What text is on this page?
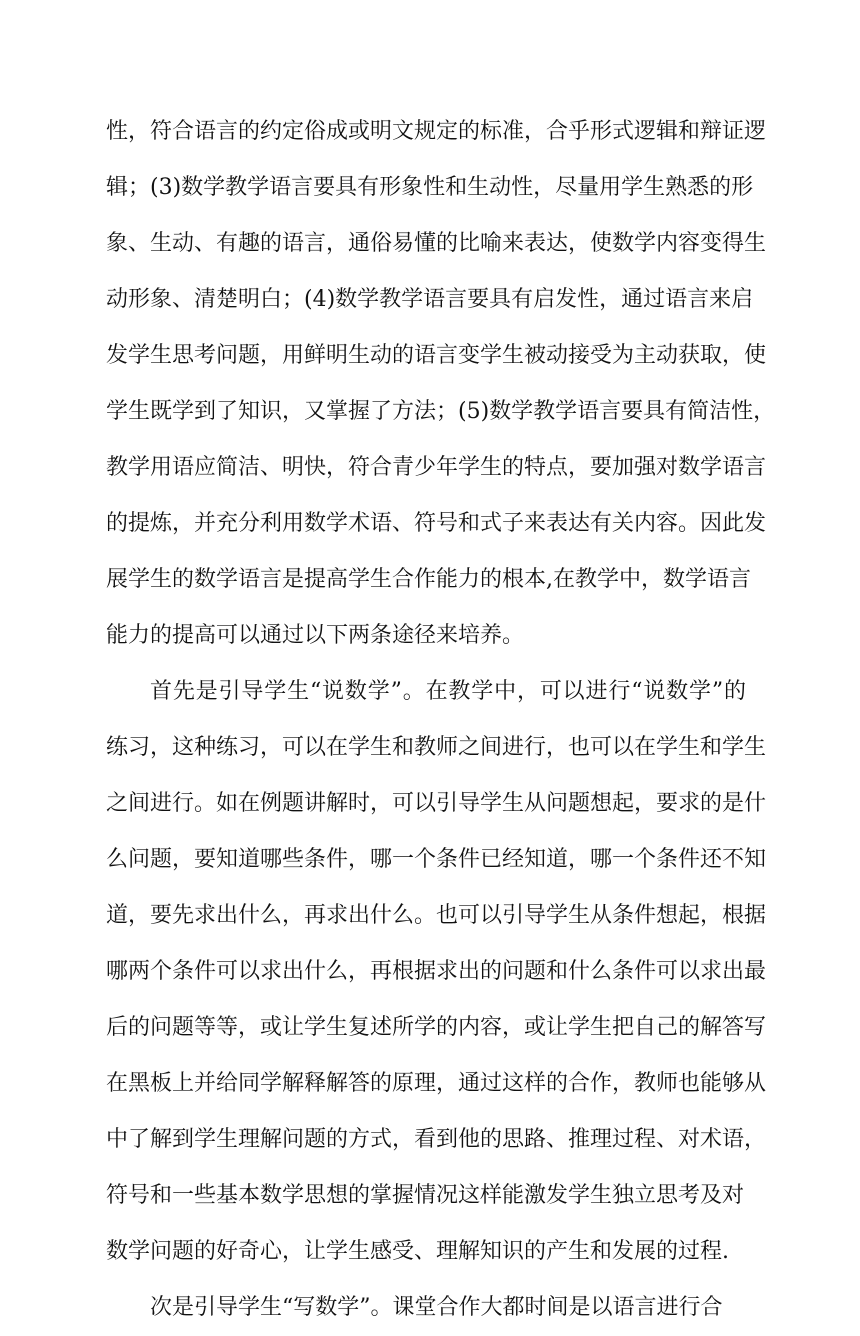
性，符合语言的约定俗成或明文规定的标准，合乎形式逻辑和辩证逻
辑；(3)数学教学语言要具有形象性和生动性，尽量用学生熟悉的形
象、生动、有趣的语言，通俗易懂的比喻来表达，使数学内容变得生
动形象、清楚明白；(4)数学教学语言要具有启发性，通过语言来启
发学生思考问题，用鲜明生动的语言变学生被动接受为主动获取，使
学生既学到了知识，又掌握了方法；(5)数学教学语言要具有简洁性，
教学用语应简洁、明快，符合青少年学生的特点，要加强对数学语言
的提炼，并充分利用数学术语、符号和式子来表达有关内容。因此发
展学生的数学语言是提高学生合作能力的根本,在教学中，数学语言
能力的提高可以通过以下两条途径来培养。
首先是引导学生“说数学”。在教学中，可以进行“说数学”的
练习，这种练习，可以在学生和教师之间进行，也可以在学生和学生
之间进行。如在例题讲解时，可以引导学生从问题想起，要求的是什
么问题，要知道哪些条件，哪一个条件已经知道，哪一个条件还不知
道，要先求出什么，再求出什么。也可以引导学生从条件想起，根据
哪两个条件可以求出什么，再根据求出的问题和什么条件可以求出最
后的问题等等，或让学生复述所学的内容，或让学生把自己的解答写
在黑板上并给同学解释解答的原理，通过这样的合作，教师也能够从
中了解到学生理解问题的方式，看到他的思路、推理过程、对术语，
符号和一些基本数学思想的掌握情况这样能激发学生独立思考及对
数学问题的好奇心，让学生感受、理解知识的产生和发展的过程.
次是引导学生“写数学”。课堂合作大都时间是以语言进行合
